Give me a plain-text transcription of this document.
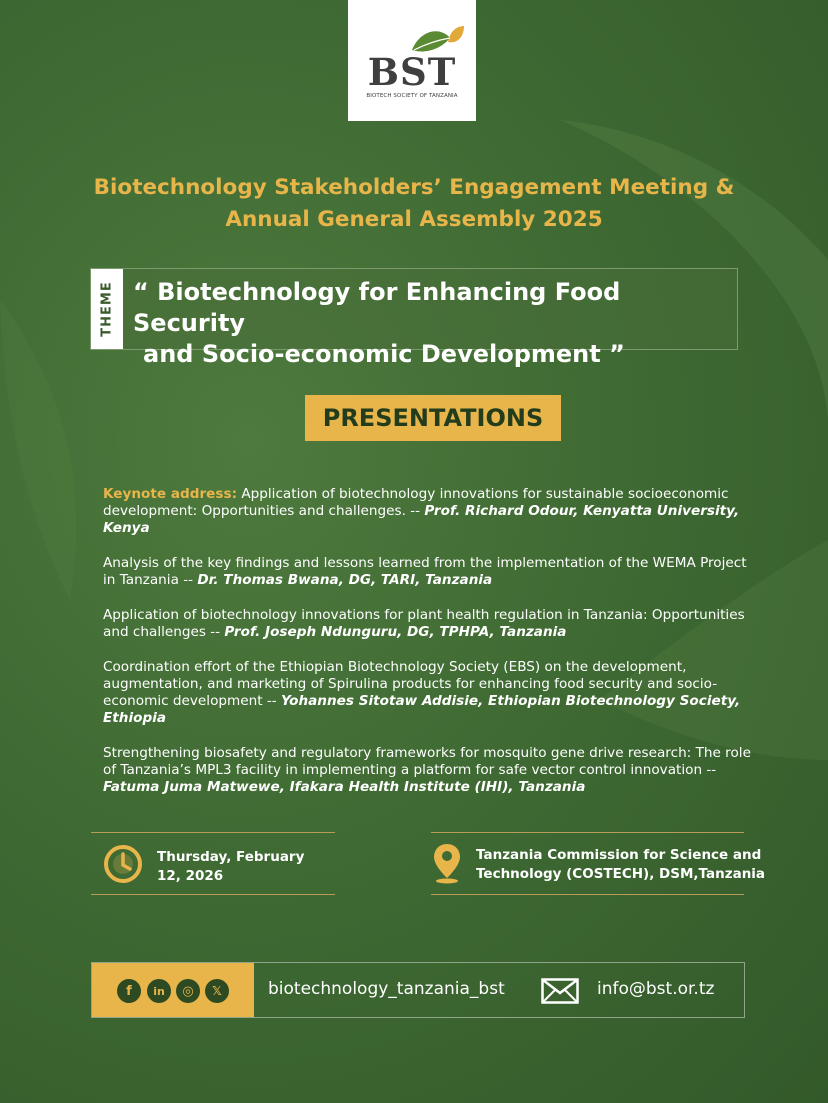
BST
BIOTECH SOCIETY OF TANZANIA
Biotechnology Stakeholders’ Engagement Meeting &
Annual General Assembly 2025
THEME “ Biotechnology for Enhancing Food Security
and Socio-economic Development ”
PRESENTATIONS

Keynote address: Application of biotechnology innovations for sustainable socioeconomic development: Opportunities and challenges. -- Prof. Richard Odour, Kenyatta University, Kenya

Analysis of the key findings and lessons learned from the implementation of the WEMA Project in Tanzania -- Dr. Thomas Bwana, DG, TARI, Tanzania

Application of biotechnology innovations for plant health regulation in Tanzania: Opportunities and challenges -- Prof. Joseph Ndunguru, DG, TPHPA, Tanzania

Coordination effort of the Ethiopian Biotechnology Society (EBS) on the development, augmentation, and marketing of Spirulina products for enhancing food security and socio-economic development -- Yohannes Sitotaw Addisie, Ethiopian Biotechnology Society, Ethiopia

Strengthening biosafety and regulatory frameworks for mosquito gene drive research: The role of Tanzania’s MPL3 facility in implementing a platform for safe vector control innovation -- Fatuma Juma Matwewe, Ifakara Health Institute (IHI), Tanzania

Thursday, February
12, 2026
Tanzania Commission for Science and
Technology (COSTECH), DSM,Tanzania
f	in	◎	𝕏	biotechnology_tanzania_bst	info@bst.or.tz
